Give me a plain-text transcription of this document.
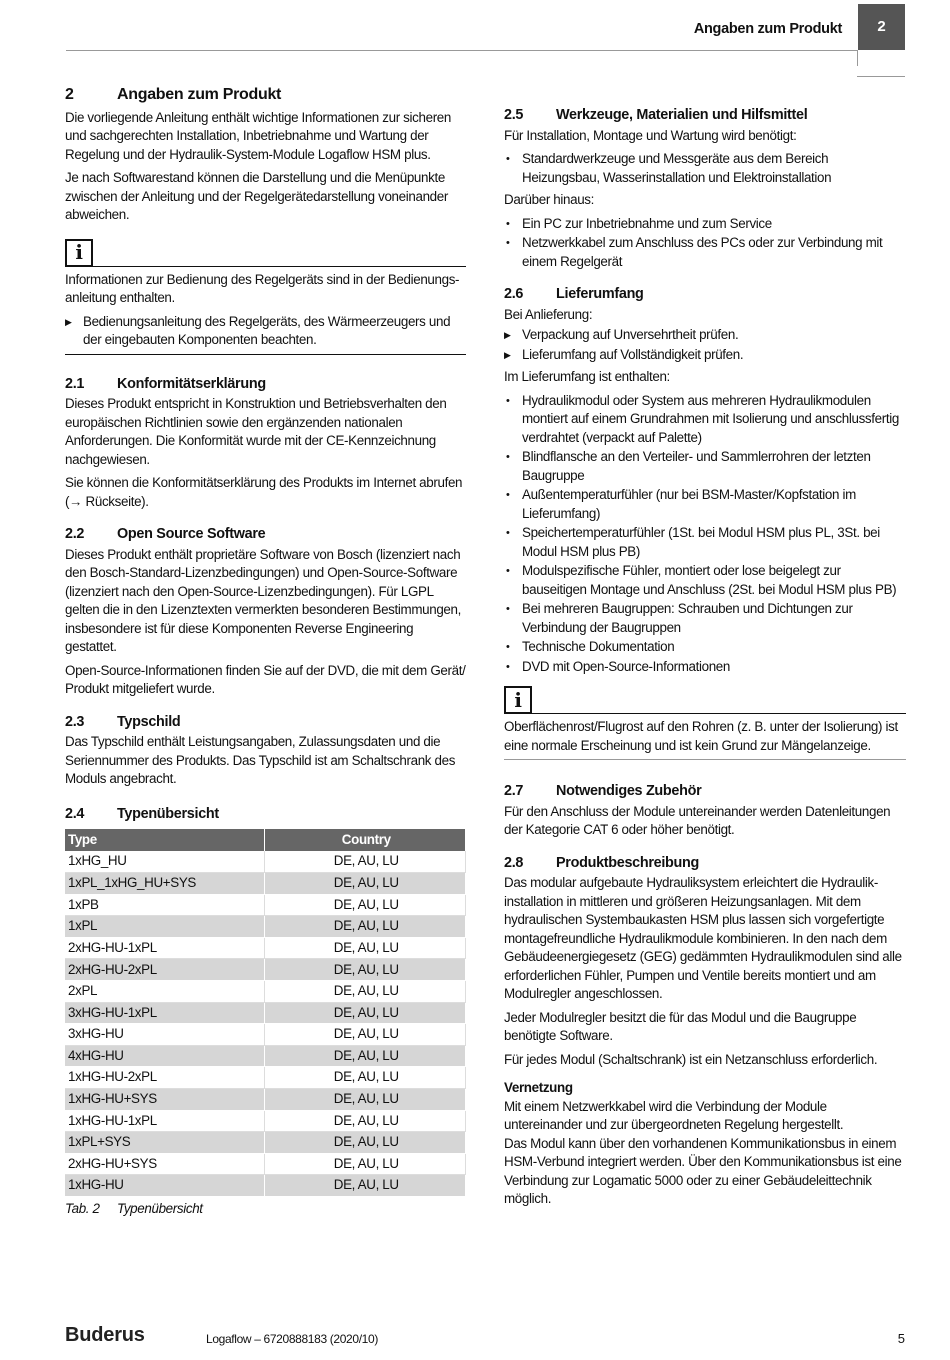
Angaben zum Produkt	2
2	Angaben zum Produkt

Die vorliegende Anleitung enthält wichtige Informationen zur sicheren und sachgerechten Installation, Inbetriebnahme und Wartung der Regelung und der Hydraulik-System-Module Logaflow HSM plus.

Je nach Softwarestand können die Darstellung und die Menüpunkte zwischen der Anleitung und der Regelgerätedarstellung voneinander abweichen.

i

Informationen zur Bedienung des Regelgeräts sind in der Bedienungs-anleitung enthalten.

▶ Bedienungsanleitung des Regelgeräts, des Wärmeerzeugers und der eingebauten Komponenten beachten.
2.1 Konformitätserklärung

Dieses Produkt entspricht in Konstruktion und Betriebsverhalten den europäischen Richtlinien sowie den ergänzenden nationalen Anforderungen. Die Konformität wurde mit der CE-Kennzeichnung nachgewiesen.

Sie können die Konformitätserklärung des Produkts im Internet abrufen (→ Rückseite).

2.2 Open Source Software

Dieses Produkt enthält proprietäre Software von Bosch (lizenziert nach den Bosch-Standard-Lizenzbedingungen) und Open-Source-Software (lizenziert nach den Open-Source-Lizenzbedingungen). Für LGPL gelten die in den Lizenztexten vermerkten besonderen Bestimmungen, insbesondere ist für diese Komponenten Reverse Engineering gestattet.

Open-Source-Informationen finden Sie auf der DVD, die mit dem Gerät/ Produkt mitgeliefert wurde.

2.3 Typschild

Das Typschild enthält Leistungsangaben, Zulassungsdaten und die Seriennummer des Produkts. Das Typschild ist am Schaltschrank des Moduls angebracht.

2.4 Typenübersicht
Type	Country
1xHG_HU	DE, AU, LU
1xPL_1xHG_HU+SYS	DE, AU, LU
1xPB	DE, AU, LU
1xPL	DE, AU, LU
2xHG-HU-1xPL	DE, AU, LU
2xHG-HU-2xPL	DE, AU, LU
2xPL	DE, AU, LU
3xHG-HU-1xPL	DE, AU, LU
3xHG-HU	DE, AU, LU
4xHG-HU	DE, AU, LU
1xHG-HU-2xPL	DE, AU, LU
1xHG-HU+SYS	DE, AU, LU
1xHG-HU-1xPL	DE, AU, LU
1xPL+SYS	DE, AU, LU
2xHG-HU+SYS	DE, AU, LU
1xHG-HU	DE, AU, LU
Tab. 2 Typenübersicht
2.5 Werkzeuge, Materialien und Hilfsmittel

Für Installation, Montage und Wartung wird benötigt:

• Standardwerkzeuge und Messgeräte aus dem Bereich Heizungsbau, Wasserinstallation und Elektroinstallation

Darüber hinaus:

• Ein PC zur Inbetriebnahme und zum Service
• Netzwerkkabel zum Anschluss des PCs oder zur Verbindung mit einem Regelgerät
2.6 Lieferumfang

Bei Anlieferung:

▶ Verpackung auf Unversehrtheit prüfen.
▶ Lieferumfang auf Vollständigkeit prüfen.

Im Lieferumfang ist enthalten:

• Hydraulikmodul oder System aus mehreren Hydraulikmodulen montiert auf einem Grundrahmen mit Isolierung und anschlussfertig verdrahtet (verpackt auf Palette)
• Blindflansche an den Verteiler- und Sammlerrohren der letzten Baugruppe
• Außentemperaturfühler (nur bei BSM-Master/Kopfstation im Lieferumfang)
• Speichertemperaturfühler (1St. bei Modul HSM plus PL, 3St. bei Modul HSM plus PB)
• Modulspezifische Fühler, montiert oder lose beigelegt zur bauseitigen Montage und Anschluss (2St. bei Modul HSM plus PB)
• Bei mehreren Baugruppen: Schrauben und Dichtungen zur Verbindung der Baugruppen
• Technische Dokumentation
• DVD mit Open-Source-Informationen
i

Oberflächenrost/Flugrost auf den Rohren (z. B. unter der Isolierung) ist eine normale Erscheinung und ist kein Grund zur Mängelanzeige.

2.7 Notwendiges Zubehör

Für den Anschluss der Module untereinander werden Datenleitungen der Kategorie CAT 6 oder höher benötigt.

2.8 Produktbeschreibung

Das modular aufgebaute Hydrauliksystem erleichtert die Hydraulik-installation in mittleren und größeren Heizungsanlagen. Mit dem hydraulischen Systembaukasten HSM plus lassen sich vorgefertigte montagefreundliche Hydraulikmodule kombinieren. In den nach dem Gebäudeenergiegesetz (GEG) gedämmten Hydraulikmodulen sind alle erforderlichen Fühler, Pumpen und Ventile bereits montiert und am Modulregler angeschlossen.

Jeder Modulregler besitzt die für das Modul und die Baugruppe benötigte Software.

Für jedes Modul (Schaltschrank) ist ein Netzanschluss erforderlich.

Vernetzung

Mit einem Netzwerkkabel wird die Verbindung der Module untereinander und zur übergeordneten Regelung hergestellt.

Das Modul kann über den vorhandenen Kommunikationsbus in einem HSM-Verbund integriert werden. Über den Kommunikationsbus ist eine Verbindung zur Logamatic 5000 oder zu einer Gebäudeleittechnik möglich.

Buderus	Logaflow – 6720888183 (2020/10)	5
